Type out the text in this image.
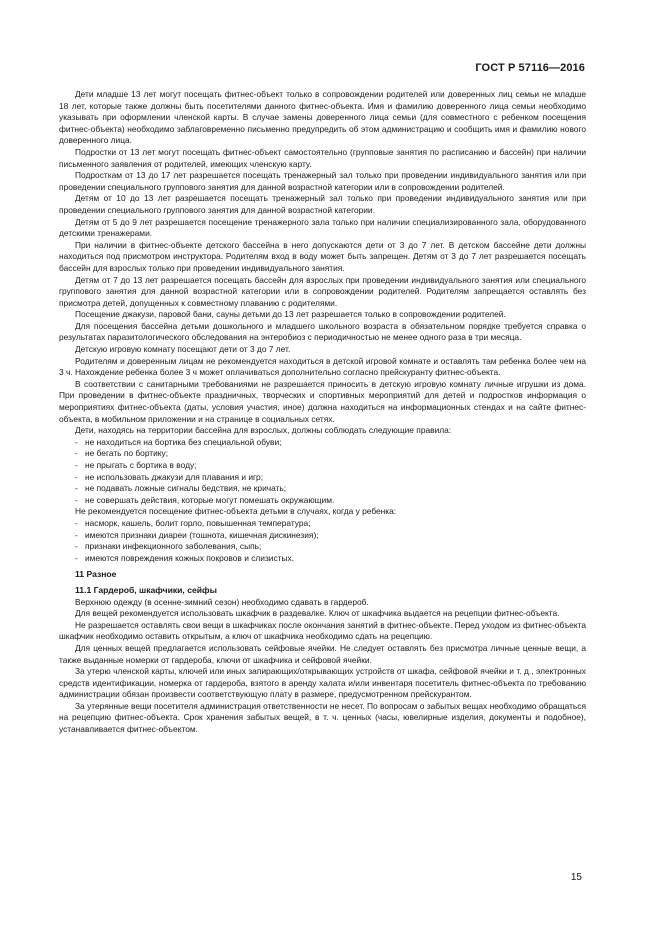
ГОСТ Р 57116—2016

Дети младше 13 лет могут посещать фитнес-объект только в сопровождении родителей или доверенных лиц семьи не младше 18 лет, которые также должны быть посетителями данного фитнес-объекта. Имя и фамилию доверенного лица семьи необходимо указывать при оформлении членской карты. В случае замены доверенного лица семьи (для совместного с ребенком посещения фитнес-объекта) необходимо заблаговременно письменно предупредить об этом администрацию и сообщить имя и фамилию нового доверенного лица.

Подростки от 13 лет могут посещать фитнес-объект самостоятельно (групповые занятия по расписанию и бассейн) при наличии письменного заявления от родителей, имеющих членскую карту.

Подросткам от 13 до 17 лет разрешается посещать тренажерный зал только при проведении индивидуального занятия или при проведении специального группового занятия для данной возрастной категории или в сопровождении родителей.

Детям от 10 до 13 лет разрешается посещать тренажерный зал только при проведении индивидуального занятия или при проведении специального группового занятия для данной возрастной категории.

Детям от 5 до 9 лет разрешается посещение тренажерного зала только при наличии специализированного зала, оборудованного детскими тренажерами.

При наличии в фитнес-объекте детского бассейна в него допускаются дети от 3 до 7 лет. В детском бассейне дети должны находиться под присмотром инструктора. Родителям вход в воду может быть запрещен. Детям от 3 до 7 лет разрешается посещать бассейн для взрослых только при проведении индивидуального занятия.

Детям от 7 до 13 лет разрешается посещать бассейн для взрослых при проведении индивидуального занятия или специального группового занятия для данной возрастной категории или в сопровождении родителей. Родителям запрещается оставлять без присмотра детей, допущенных к совместному плаванию с родителями.

Посещение джакузи, паровой бани, сауны детьми до 13 лет разрешается только в сопровождении родителей.

Для посещения бассейна детьми дошкольного и младшего школьного возраста в обязательном порядке требуется справка о результатах паразитологического обследования на энтеробиоз с периодичностью не менее одного раза в три месяца.

Детскую игровую комнату посещают дети от 3 до 7 лет.

Родителям и доверенным лицам не рекомендуется находиться в детской игровой комнате и оставлять там ребенка более чем на 3 ч. Нахождение ребенка более 3 ч может оплачиваться дополнительно согласно прейскуранту фитнес-объекта.

В соответствии с санитарными требованиями не разрешается приносить в детскую игровую комнату личные игрушки из дома. При проведении в фитнес-объекте праздничных, творческих и спортивных мероприятий для детей и подростков информация о мероприятиях фитнес-объекта (даты, условия участия, иное) должна находиться на информационных стендах и на сайте фитнес-объекта, в мобильном приложении и на странице в социальных сетях.

Дети, находясь на территории бассейна для взрослых, должны соблюдать следующие правила:

- не находиться на бортика без специальной обуви;

- не бегать по бортику;

- не прыгать с бортика в воду;

- не использовать джакузи для плавания и игр;

- не подавать ложные сигналы бедствия, не кричать;

- не совершать действия, которые могут помешать окружающим.

Не рекомендуется посещение фитнес-объекта детьми в случаях, когда у ребенка:

- насморк, кашель, болит горло, повышенная температура;

- имеются признаки диареи (тошнота, кишечная дискинезия);

- признаки инфекционного заболевания, сыпь;

- имеются повреждения кожных покровов и слизистых.

11 Разное
11.1 Гардероб, шкафчики, сейфы

Верхнюю одежду (в осенне-зимний сезон) необходимо сдавать в гардероб.

Для вещей рекомендуется использовать шкафчик в раздевалке. Ключ от шкафчика выдается на рецепции фитнес-объекта.

Не разрешается оставлять свои вещи в шкафчиках после окончания занятий в фитнес-объекте. Перед уходом из фитнес-объекта шкафчик необходимо оставить открытым, а ключ от шкафчика необходимо сдать на рецепцию.

Для ценных вещей предлагается использовать сейфовые ячейки. Не следует оставлять без присмотра личные ценные вещи, а также выданные номерки от гардероба, ключи от шкафчика и сейфовой ячейки.

За утерю членской карты, ключей или иных запирающих/открывающих устройств от шкафа, сейфовой ячейки и т. д., электронных средств идентификации, номерка от гардероба, взятого в аренду халата и/или инвентаря посетитель фитнес-объекта по требованию администрации обязан произвести соответствующую плату в размере, предусмотренном прейскурантом.

За утерянные вещи посетителя администрация ответственности не несет. По вопросам о забытых вещах необходимо обращаться на рецепцию фитнес-объекта. Срок хранения забытых вещей, в т. ч. ценных (часы, ювелирные изделия, документы и подобное), устанавливается фитнес-объектом.

15
